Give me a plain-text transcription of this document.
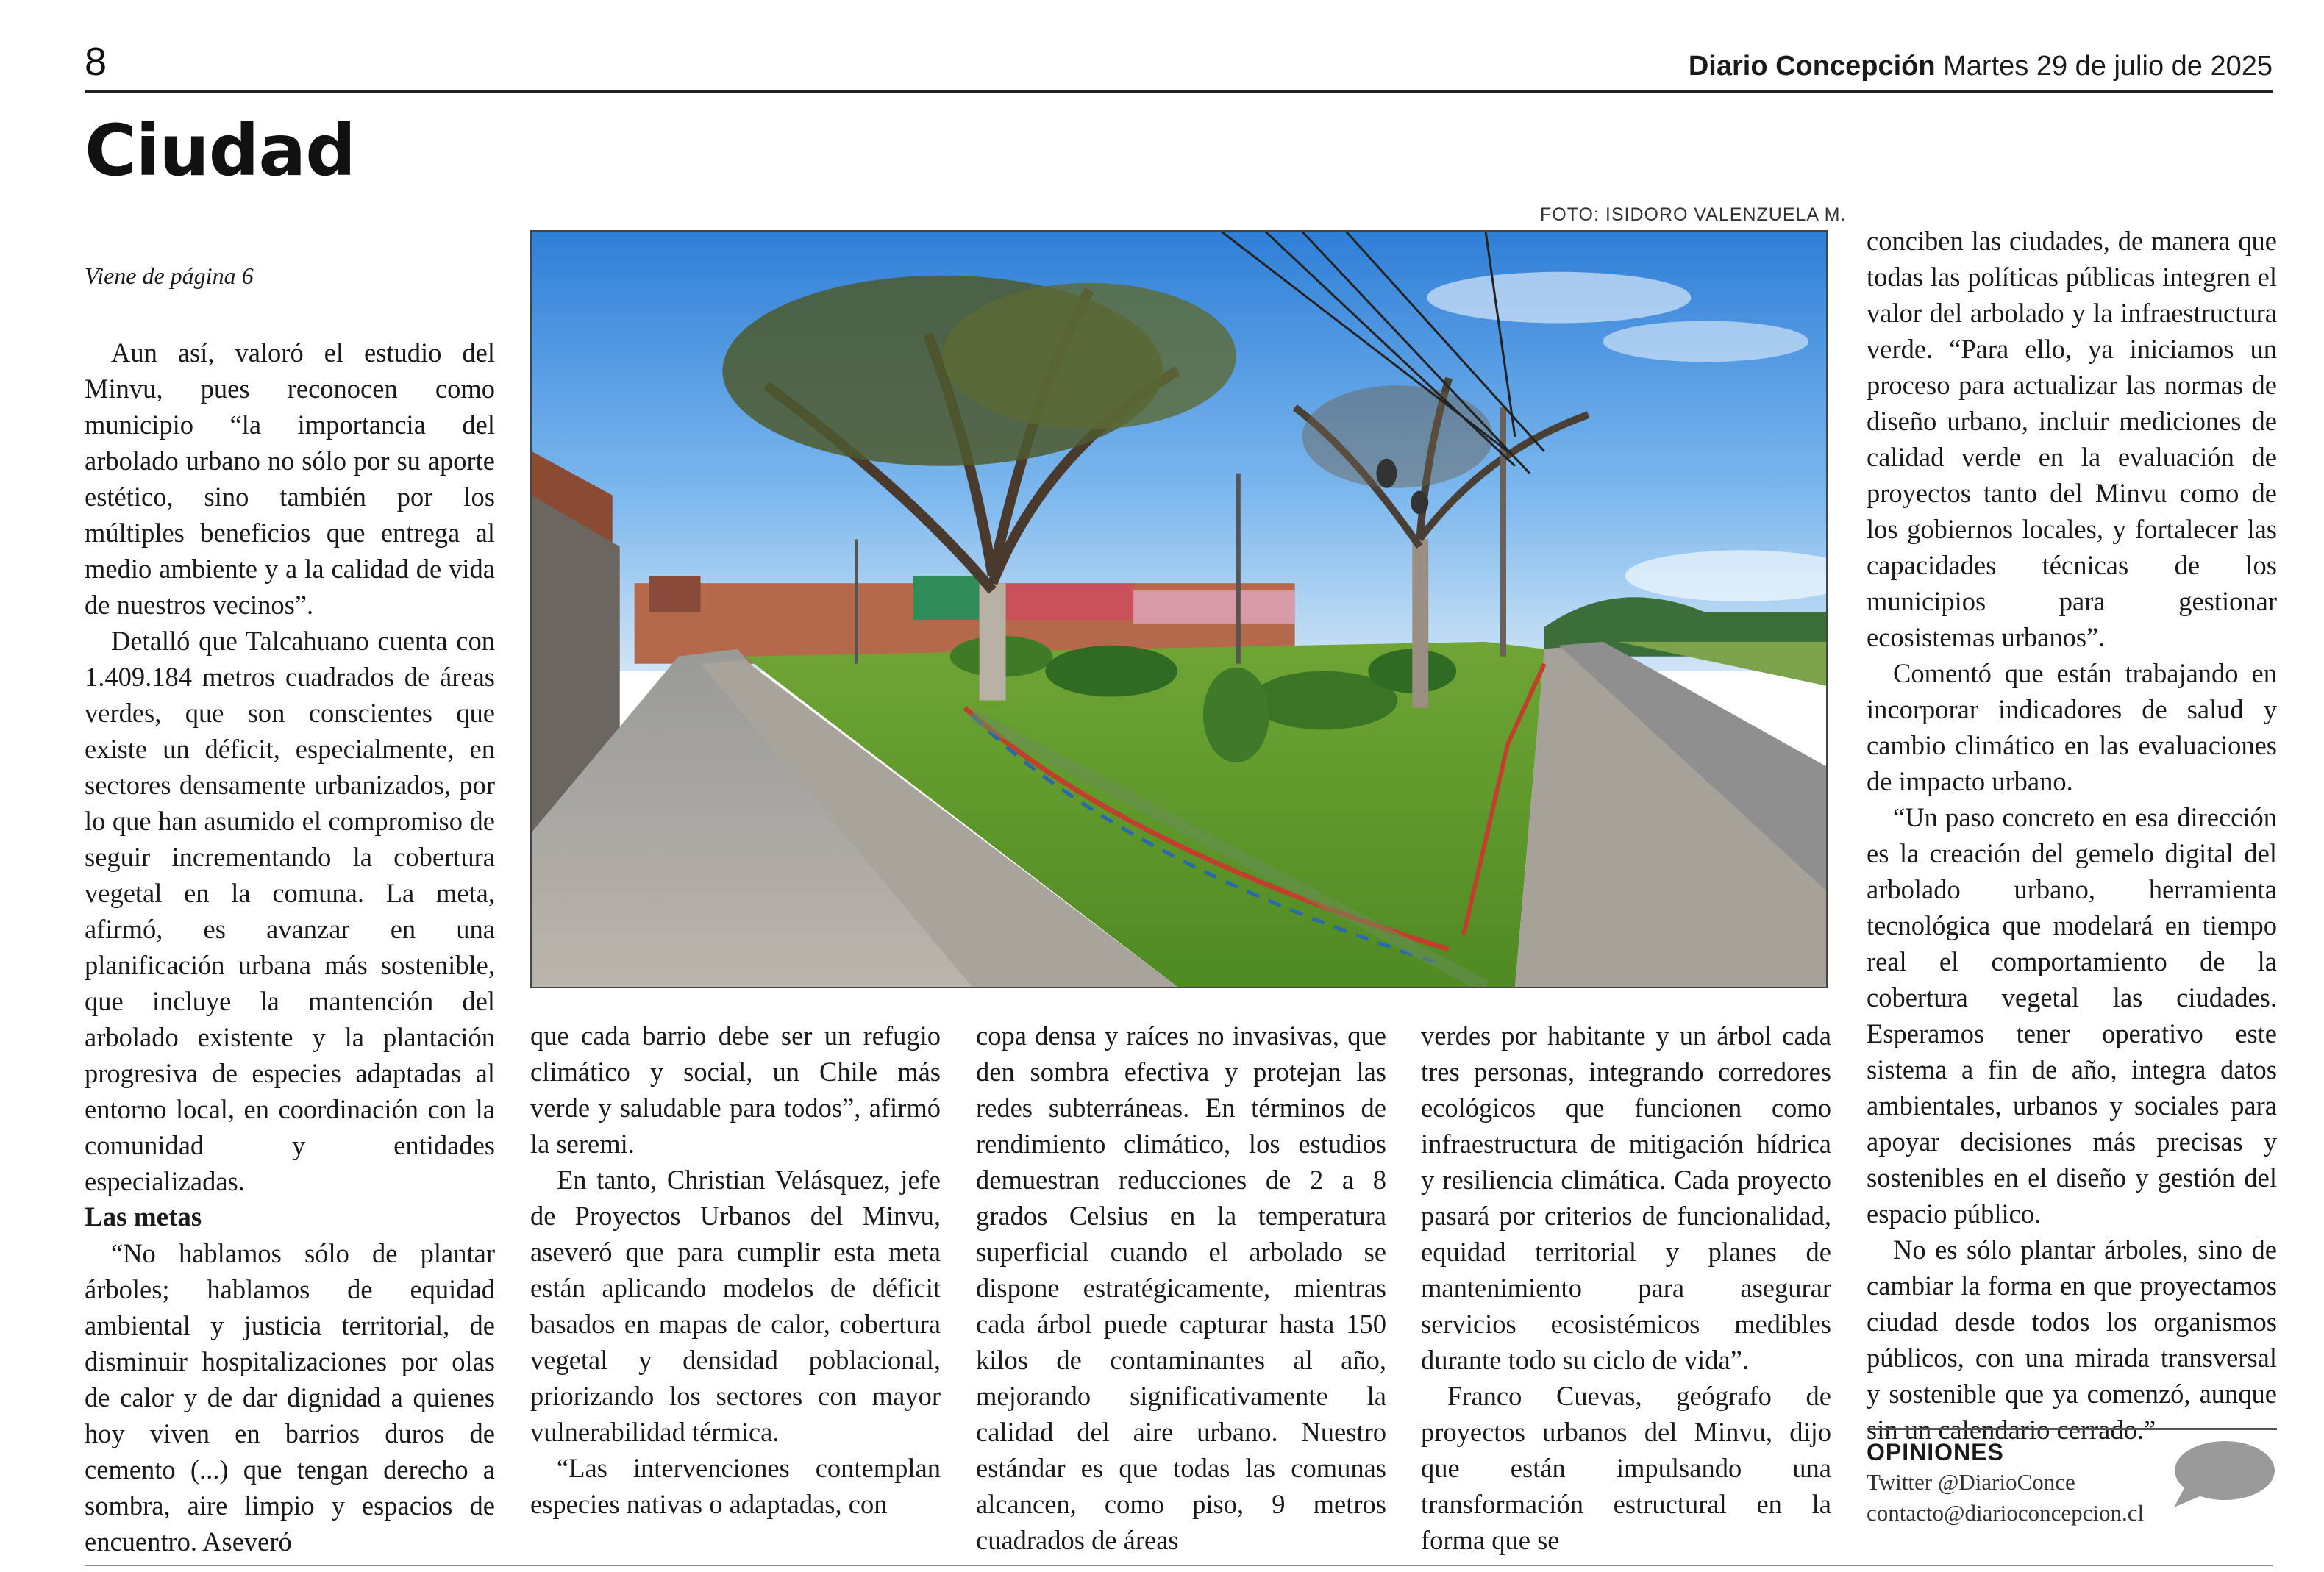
8	Diario Concepción Martes 29 de julio de 2025
Ciudad
Viene de página 6

Aun así, valoró el estudio del Minvu, pues reconocen como municipio “la importancia del arbolado urbano no sólo por su aporte estético, sino también por los múltiples beneficios que entrega al medio ambiente y a la calidad de vida de nuestros vecinos”.

Detalló que Talcahuano cuenta con 1.409.184 metros cuadrados de áreas verdes, que son conscientes que existe un déficit, especialmente, en sectores densamente urbanizados, por lo que han asumido el compromiso de seguir incrementando la cobertura vegetal en la comuna. La meta, afirmó, es avanzar en una planificación urbana más sostenible, que incluye la mantención del arbolado existente y la plantación progresiva de especies adaptadas al entorno local, en coordinación con la comunidad y entidades especializadas.

Las metas

“No hablamos sólo de plantar árboles; hablamos de equidad ambiental y justicia territorial, de disminuir hospitalizaciones por olas de calor y de dar dignidad a quienes hoy viven en barrios duros de cemento (...) que tengan derecho a sombra, aire limpio y espacios de encuentro. Aseveró

FOTO: ISIDORO VALENZUELA M.

que cada barrio debe ser un refugio climático y social, un Chile más verde y saludable para todos”, afirmó la seremi.

En tanto, Christian Velásquez, jefe de Proyectos Urbanos del Minvu, aseveró que para cumplir esta meta están aplicando modelos de déficit basados en mapas de calor, cobertura vegetal y densidad poblacional, priorizando los sectores con mayor vulnerabilidad térmica.

“Las intervenciones contemplan especies nativas o adaptadas, con

copa densa y raíces no invasivas, que den sombra efectiva y protejan las redes subterráneas. En términos de rendimiento climático, los estudios demuestran reducciones de 2 a 8 grados Celsius en la temperatura superficial cuando el arbolado se dispone estratégicamente, mientras cada árbol puede capturar hasta 150 kilos de contaminantes al año, mejorando significativamente la calidad del aire urbano. Nuestro estándar es que todas las comunas alcancen, como piso, 9 metros cuadrados de áreas

verdes por habitante y un árbol cada tres personas, integrando corredores ecológicos que funcionen como infraestructura de mitigación hídrica y resiliencia climática. Cada proyecto pasará por criterios de funcionalidad, equidad territorial y planes de mantenimiento para asegurar servicios ecosistémicos medibles durante todo su ciclo de vida”.

Franco Cuevas, geógrafo de proyectos urbanos del Minvu, dijo que están impulsando una transformación estructural en la forma que se

conciben las ciudades, de manera que todas las políticas públicas integren el valor del arbolado y la infraestructura verde. “Para ello, ya iniciamos un proceso para actualizar las normas de diseño urbano, incluir mediciones de calidad verde en la evaluación de proyectos tanto del Minvu como de los gobiernos locales, y fortalecer las capacidades técnicas de los municipios para gestionar ecosistemas urbanos”.

Comentó que están trabajando en incorporar indicadores de salud y cambio climático en las evaluaciones de impacto urbano.

“Un paso concreto en esa dirección es la creación del gemelo digital del arbolado urbano, herramienta tecnológica que modelará en tiempo real el comportamiento de la cobertura vegetal las ciudades. Esperamos tener operativo este sistema a fin de año, integra datos ambientales, urbanos y sociales para apoyar decisiones más precisas y sostenibles en el diseño y gestión del espacio público.

No es sólo plantar árboles, sino de cambiar la forma en que proyectamos ciudad desde todos los organismos públicos, con una mirada transversal y sostenible que ya comenzó, aunque sin un calendario cerrado.”

OPINIONES
Twitter @DiarioConce
contacto@diarioconcepcion.cl
